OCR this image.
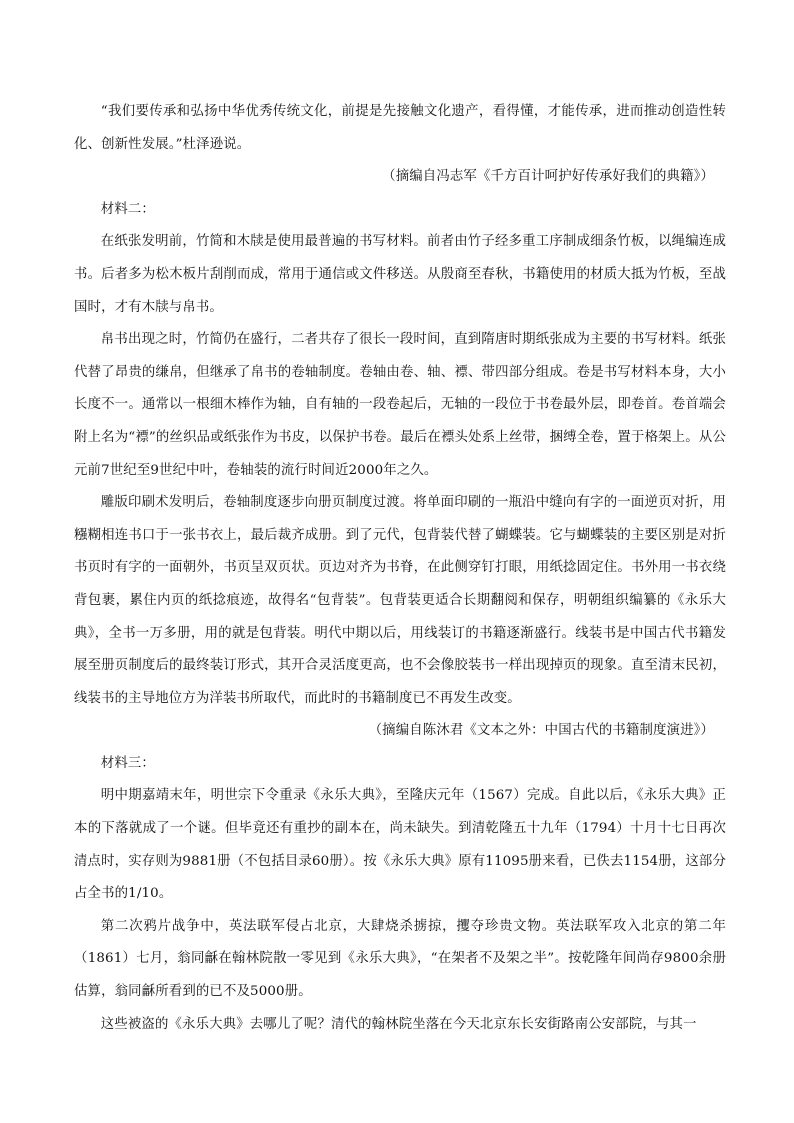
“我们要传承和弘扬中华优秀传统文化，前提是先接触文化遗产，看得懂，才能传承，进而推动创造性转化、创新性发展。”杜泽逊说。

（摘编自冯志军《千方百计呵护好传承好我们的典籍》）

材料二：

在纸张发明前，竹简和木牍是使用最普遍的书写材料。前者由竹子经多重工序制成细条竹板，以绳编连成书。后者多为松木板片刮削而成，常用于通信或文件移送。从殷商至春秋，书籍使用的材质大抵为竹板，至战国时，才有木牍与帛书。

帛书出现之时，竹简仍在盛行，二者共存了很长一段时间，直到隋唐时期纸张成为主要的书写材料。纸张代替了昂贵的缣帛，但继承了帛书的卷轴制度。卷轴由卷、轴、褾、带四部分组成。卷是书写材料本身，大小长度不一。通常以一根细木棒作为轴，自有轴的一段卷起后，无轴的一段位于书卷最外层，即卷首。卷首端会附上名为“褾”的丝织品或纸张作为书皮，以保护书卷。最后在褾头处系上丝带，捆缚全卷，置于格架上。从公元前7世纪至9世纪中叶，卷轴装的流行时间近2000年之久。

雕版印刷术发明后，卷轴制度逐步向册页制度过渡。将单面印刷的一瓶沿中缝向有字的一面逆页对折，用糨糊相连书口于一张书衣上，最后裁齐成册。到了元代，包背装代替了蝴蝶装。它与蝴蝶装的主要区别是对折书页时有字的一面朝外，书页呈双页状。页边对齐为书脊，在此侧穿钉打眼，用纸捻固定住。书外用一书衣绕背包裹，累住内页的纸捻痕迹，故得名“包背装”。包背装更适合长期翻阅和保存，明朝组织编纂的《永乐大典》，全书一万多册，用的就是包背装。明代中期以后，用线装订的书籍逐渐盛行。线装书是中国古代书籍发展至册页制度后的最终装订形式，其开合灵活度更高，也不会像胶装书一样出现掉页的现象。直至清末民初，线装书的主导地位方为洋装书所取代，而此时的书籍制度已不再发生改变。

（摘编自陈沐君《文本之外：中国古代的书籍制度演进》）

材料三：

明中期嘉靖末年，明世宗下令重录《永乐大典》，至隆庆元年（1567）完成。自此以后，《永乐大典》正本的下落就成了一个谜。但毕竟还有重抄的副本在，尚未缺失。到清乾隆五十九年（1794）十月十七日再次清点时，实存则为9881册（不包括目录60册）。按《永乐大典》原有11095册来看，已佚去1154册，这部分占全书的1/10。

第二次鸦片战争中，英法联军侵占北京，大肆烧杀掳掠，攫夺珍贵文物。英法联军攻入北京的第二年（1861）七月，翁同龢在翰林院散一零见到《永乐大典》，“在架者不及架之半”。按乾隆年间尚存9800余册估算，翁同龢所看到的已不及5000册。

这些被盗的《永乐大典》去哪儿了呢？清代的翰林院坐落在今天北京东长安街路南公安部院，与其一
